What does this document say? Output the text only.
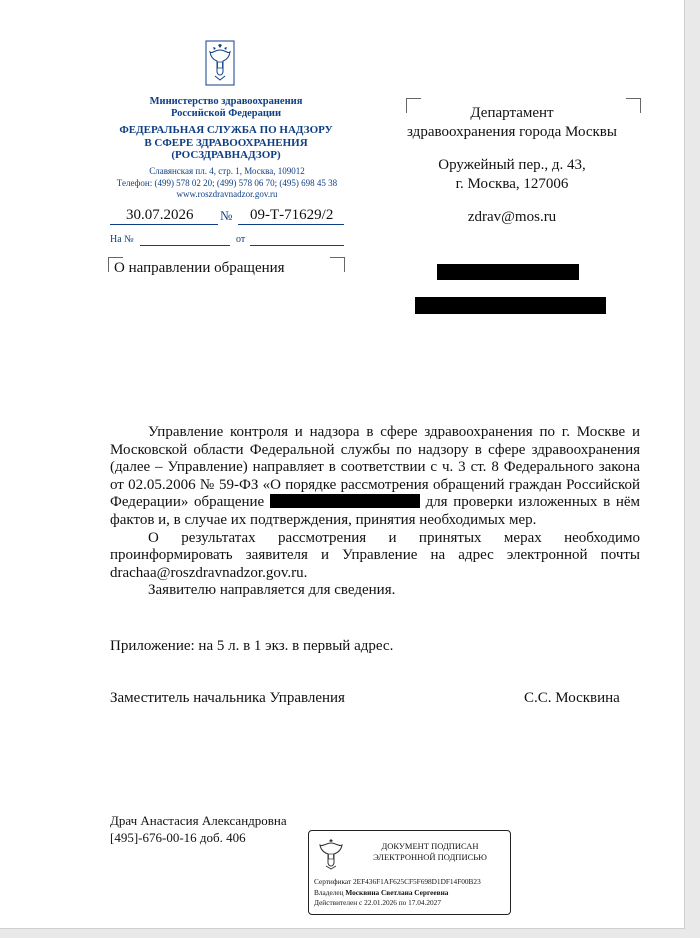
Министерство здравоохранения
Российской Федерации
ФЕДЕРАЛЬНАЯ СЛУЖБА ПО НАДЗОРУ
В СФЕРЕ ЗДРАВООХРАНЕНИЯ
(РОСЗДРАВНАДЗОР)
Славянская пл. 4, стр. 1, Москва, 109012
Телефон: (499) 578 02 20; (499) 578 06 70; (495) 698 45 38
www.roszdravnadzor.gov.ru
30.07.2026 № 09-Т-71629/2
На №	от
О направлении обращения
Департамент
здравоохранения города Москвы
Оружейный пер., д. 43,
г. Москва, 127006
zdrav@mos.ru

Управление контроля и надзора в сфере здравоохранения по г. Москве и Московской области Федеральной службы по надзору в сфере здравоохранения (далее – Управление) направляет в соответствии с ч. 3 ст. 8 Федерального закона от 02.05.2006 № 59-ФЗ «О порядке рассмотрения обращений граждан Российской Федерации» обращение	для проверки изложенных в нём фактов и, в случае их подтверждения, принятия необходимых мер.

О результатах рассмотрения и принятых мерах необходимо проинформировать заявителя и Управление на адрес электронной почты drachaa@roszdravnadzor.gov.ru.

Заявителю направляется для сведения.

Приложение: на 5 л. в 1 экз. в первый адрес.
Заместитель начальника Управления	С.С. Москвина
Драч Анастасия Александровна
[495]-676-00-16 доб. 406
ДОКУМЕНТ ПОДПИСАН
ЭЛЕКТРОННОЙ ПОДПИСЬЮ
Сертификат 2EF436F1AF625CF5F698D1DF14F00B23
Владелец Москвина Светлана Сергеевна
Действителен с 22.01.2026 по 17.04.2027
